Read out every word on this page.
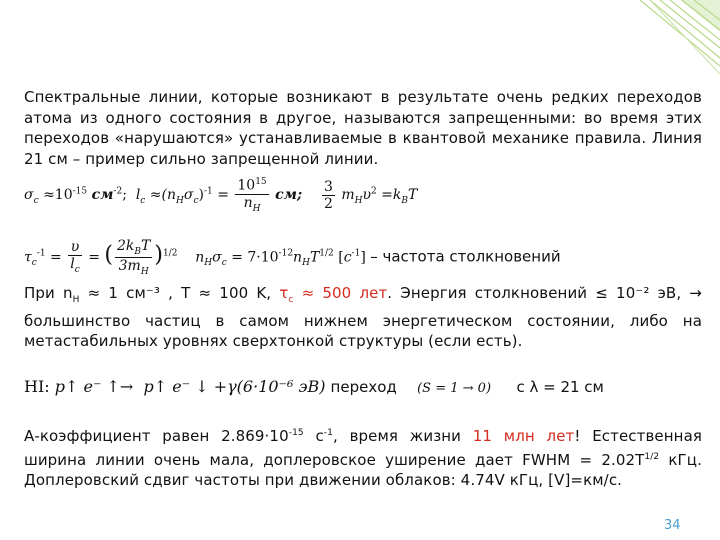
Спектральные линии, которые возникают в результате очень редких переходов атома из одного состояния в другое, называются запрещенными: во время этих переходов «нарушаются» устанавливаемые в квантовой механике правила. Линия 21 см – пример сильно запрещенной линии.
$\sigma_c \approx 10^{-15}$ $см^{-2}$; $l_c \approx(n_H\sigma_c)^{-1} = \frac{10^{15}}{n_H}$ см; $\frac{3}{2} m_H\upsilon^2 =k_BT$
$\tau_c^{-1} = \frac{\upsilon}{l_c}$ = ( $\frac{2k_BT}{3m_H} )^{1/2}$ $n_H\sigma_c = 7\cdot 10^{-12}n_HT^{1/2}$ $[c^{-1}]$ – частота столкновений
При $n_H \approx 1$ см⁻³ , T ≈ 100 K, $\tau_c \approx 500$ лет. Энергия столкновений ≤ 10⁻² эВ, → большинство частиц в самом нижнем энергетическом состоянии, либо на метастабильных уровнях сверхтонкой структуры (если есть).
HI: p↑ e⁻ ↑→ p↑ e⁻ ↓ +γ(6·10⁻⁶ эВ) переход (S = 1 → 0) с λ = 21 см
А-коэффициент равен $2.869\cdot 10^{-15}$ $с^{-1}$, время жизни 11 млн лет! Естественная ширина линии очень мала, доплеровское уширение дает FWHM = $2.02T^{1/2}$ кГц. Доплеровский сдвиг частоты при движении облаков: 4.74V кГц, [V]=км/с.
34
